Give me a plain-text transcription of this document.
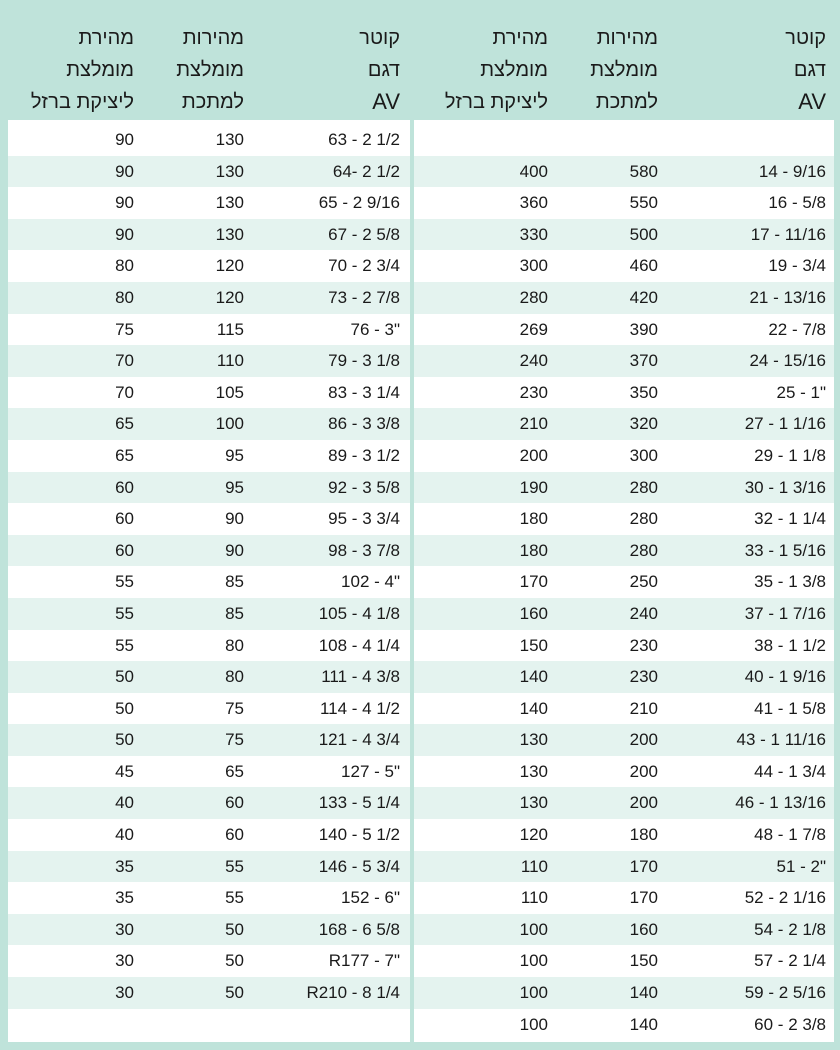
קוטר
דגם
AV
מהירות
מומלצת
למתכת
מהירת
מומלצת
ליציקת ברזל
63 - 2 1/2
130
90
64- 2 1/2
130
90
65 - 2 9/16
130
90
67 - 2 5/8
130
90
70 - 2 3/4
120
80
73 - 2 7/8
120
80
76 - 3"
115
75
79 - 3 1/8
110
70
83 - 3 1/4
105
70
86 - 3 3/8
100
65
89 - 3 1/2
95
65
92 - 3 5/8
95
60
95 - 3 3/4
90
60
98 - 3 7/8
90
60
102 - 4"
85
55
105 - 4 1/8
85
55
108 - 4 1/4
80
55
111 - 4 3/8
80
50
114 - 4 1/2
75
50
121 - 4 3/4
75
50
127 - 5"
65
45
133 - 5 1/4
60
40
140 - 5 1/2
60
40
146 - 5 3/4
55
35
152 - 6"
55
35
168 - 6 5/8
50
30
R177 - 7"
50
30
R210 - 8 1/4
50
30
קוטר
דגם
AV
מהירות
מומלצת
למתכת
מהירת
מומלצת
ליציקת ברזל
14 - 9/16
580
400
16 - 5/8
550
360
17 - 11/16
500
330
19 - 3/4
460
300
21 - 13/16
420
280
22 - 7/8
390
269
24 - 15/16
370
240
25 - 1"
350
230
27 - 1 1/16
320
210
29 - 1 1/8
300
200
30 - 1 3/16
280
190
32 - 1 1/4
280
180
33 - 1 5/16
280
180
35 - 1 3/8
250
170
37 - 1 7/16
240
160
38 - 1 1/2
230
150
40 - 1 9/16
230
140
41 - 1 5/8
210
140
43 - 1 11/16
200
130
44 - 1 3/4
200
130
46 - 1 13/16
200
130
48 - 1 7/8
180
120
51 - 2"
170
110
52 - 2 1/16
170
110
54 - 2 1/8
160
100
57 - 2 1/4
150
100
59 - 2 5/16
140
100
60 - 2 3/8
140
100
